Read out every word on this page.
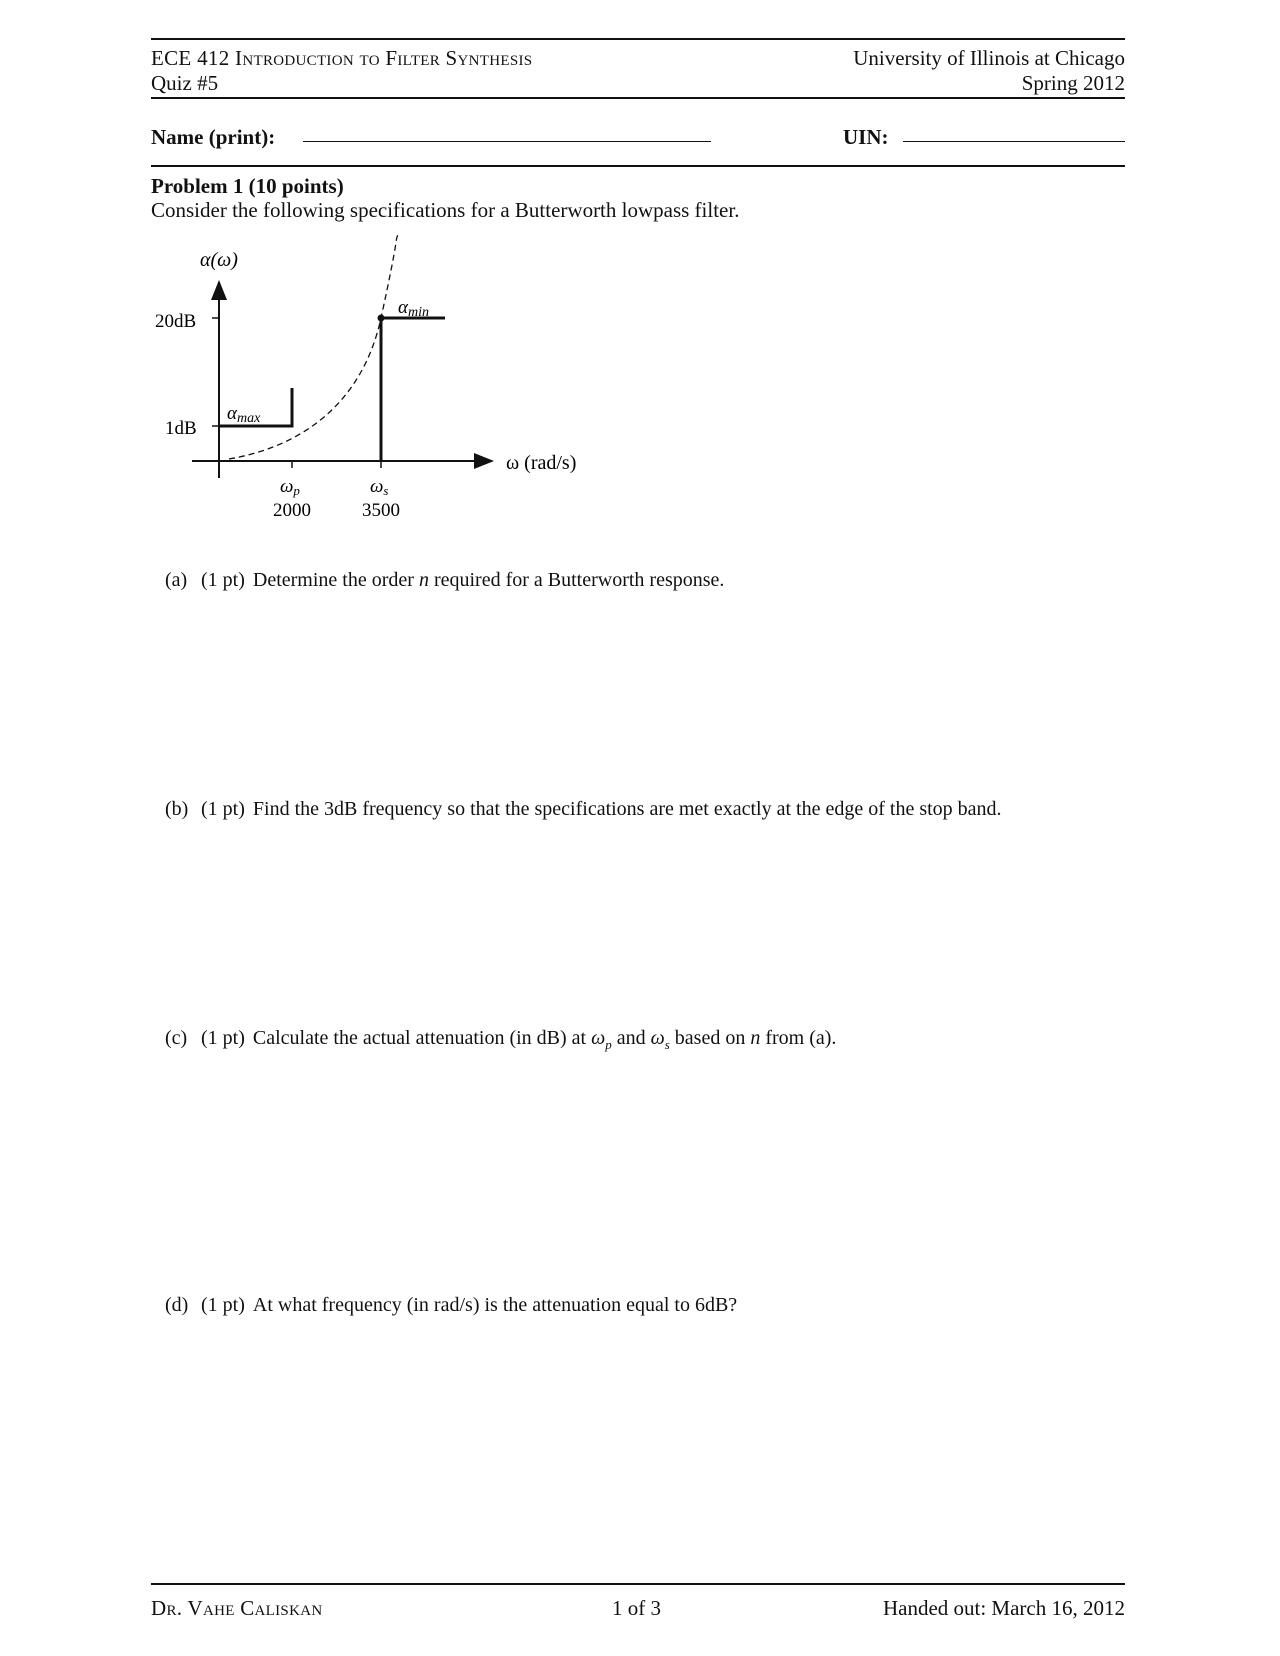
ECE 412 Introduction to Filter Synthesis
Quiz #5
University of Illinois at Chicago
Spring 2012
Name (print):	UIN:
Problem 1 (10 points)
Consider the following specifications for a Butterworth lowpass filter.
α(ω)
20dB
1dB
αmin
αmax
ω (rad/s)
ωp	ωs
2000	3500
(a) (1 pt) Determine the order n required for a Butterworth response.
(b) (1 pt) Find the 3dB frequency so that the specifications are met exactly at the edge of the stop band.
(c) (1 pt) Calculate the actual attenuation (in dB) at $\omega_p$ and $\omega_s$ based on n from (a).
(d) (1 pt) At what frequency (in rad/s) is the attenuation equal to 6dB?
Dr. Vahe Caliskan	1 of 3	Handed out: March 16, 2012
